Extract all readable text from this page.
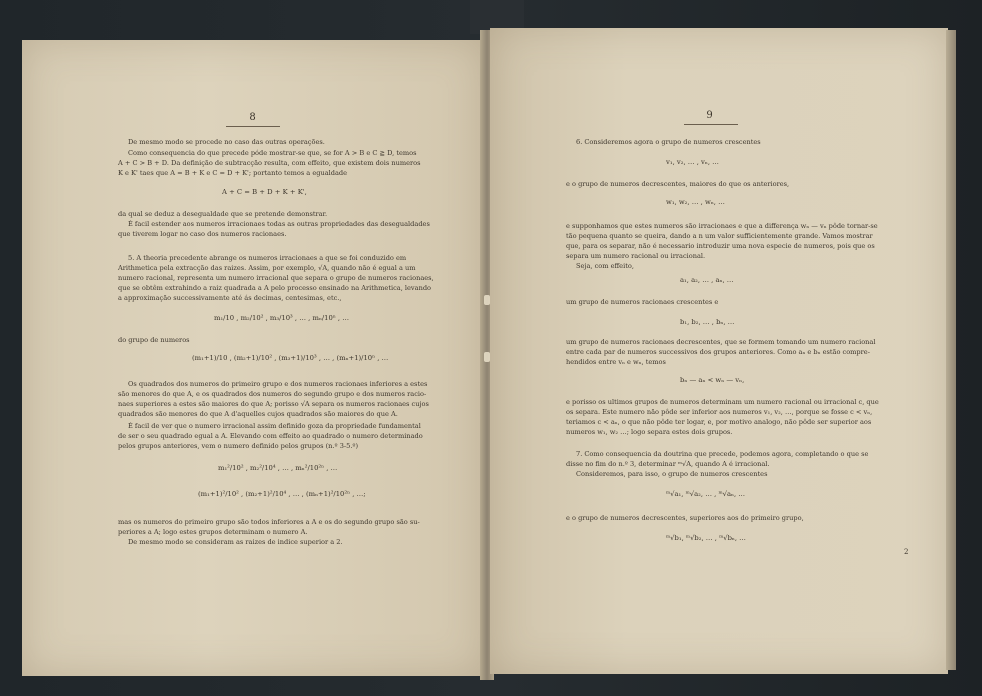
8
De mesmo modo se procede no caso das outras operações.
Como consequencia do que precede póde mostrar-se que, se for A > B e C ≧ D, temos
A + C > B + D. Da definição de subtracção resulta, com effeito, que existem dois numeros
K e K' taes que A = B + K e C = D + K'; portanto temos a egualdade
A + C = B + D + K + K',
da qual se deduz a desegualdade que se pretende demonstrar.
É facil estender aos numeros irracionaes todas as outras propriedades das desegualdades
que tiverem logar no caso dos numeros racionaes.
5. A theoria precedente abrange os numeros irracionaes a que se foi conduzido em
Arithmetica pela extracção das raizes. Assim, por exemplo, √A, quando não é egual a um
numero racional, representa um numero irracional que separa o grupo de numeros racionaes,
que se obtêm extrahindo a raiz quadrada a A pelo processo ensinado na Arithmetica, levando
a approximação successivamente até ás decimas, centesimas, etc.,
m₁/10 , m₂/10² , m₃/10³ , … , mₙ/10ⁿ , …
do grupo de numeros
(m₁+1)/10 , (m₂+1)/10² , (m₃+1)/10³ , … , (mₙ+1)/10ⁿ , …
Os quadrados dos numeros do primeiro grupo e dos numeros racionaes inferiores a estes
são menores do que A, e os quadrados dos numeros do segundo grupo e dos numeros racio-
naes superiores a estes são maiores do que A; porisso √A separa os numeros racionaes cujos
quadrados são menores do que A d'aquelles cujos quadrados são maiores do que A.
É facil de ver que o numero irracional assim definido goza da propriedade fundamental
de ser o seu quadrado egual a A. Elevando com effeito ao quadrado o numero determinado
pelos grupos anteriores, vem o numero definido pelos grupos (n.º 3-5.º)
m₁²/10² , m₂²/10⁴ , … , mₙ²/10²ⁿ , …
(m₁+1)²/10² , (m₂+1)²/10⁴ , … , (mₙ+1)²/10²ⁿ , …;
mas os numeros do primeiro grupo são todos inferiores a A e os do segundo grupo são su-
periores a A; logo estes grupos determinam o numero A.
De mesmo modo se consideram as raizes de indice superior a 2.
9
6. Consideremos agora o grupo de numeros crescentes
v₁, v₂, … , vₙ, …
e o grupo de numeros decrescentes, maiores do que os anteriores,
w₁, w₂, … , wₙ, …
e supponhamos que estes numeros são irracionaes e que a differença wₙ — vₙ pôde tornar-se
tão pequena quanto se queira, dando a n um valor sufficientemente grande. Vamos mostrar
que, para os separar, não é necessario introduzir uma nova especie de numeros, pois que os
separa um numero racional ou irracional.
Seja, com effeito,
a₁, a₂, … , aₙ, …
um grupo de numeros racionaes crescentes e
b₁, b₂, … , bₙ, …
um grupo de numeros racionaes decrescentes, que se formem tomando um numero racional
entre cada par de numeros successivos dos grupos anteriores. Como aₙ e bₙ estão compre-
hendidos entre vₙ e wₙ, temos
bₙ — aₙ < wₙ — vₙ,
e porisso os ultimos grupos de numeros determinam um numero racional ou irracional c, que
os separa. Este numero não pôde ser inferior aos numeros v₁, v₂, …, porque se fosse c < vₙ,
teriamos c < aₙ, o que não pôde ter logar, e, por motivo analogo, não pôde ser superior aos
numeros w₁, w₂ …; logo separa estes dois grupos.
7. Como consequencia da doutrina que precede, podemos agora, completando o que se
disse no fim do n.º 3, determinar ᵐ√A, quando A é irracional.
Consideremos, para isso, o grupo de numeros crescentes
ᵐ√a₁, ᵐ√a₂, … , ᵐ√aₙ, …
e o grupo de numeros decrescentes, superiores aos do primeiro grupo,
ᵐ√b₁, ᵐ√b₂, … , ᵐ√bₙ, …
2
